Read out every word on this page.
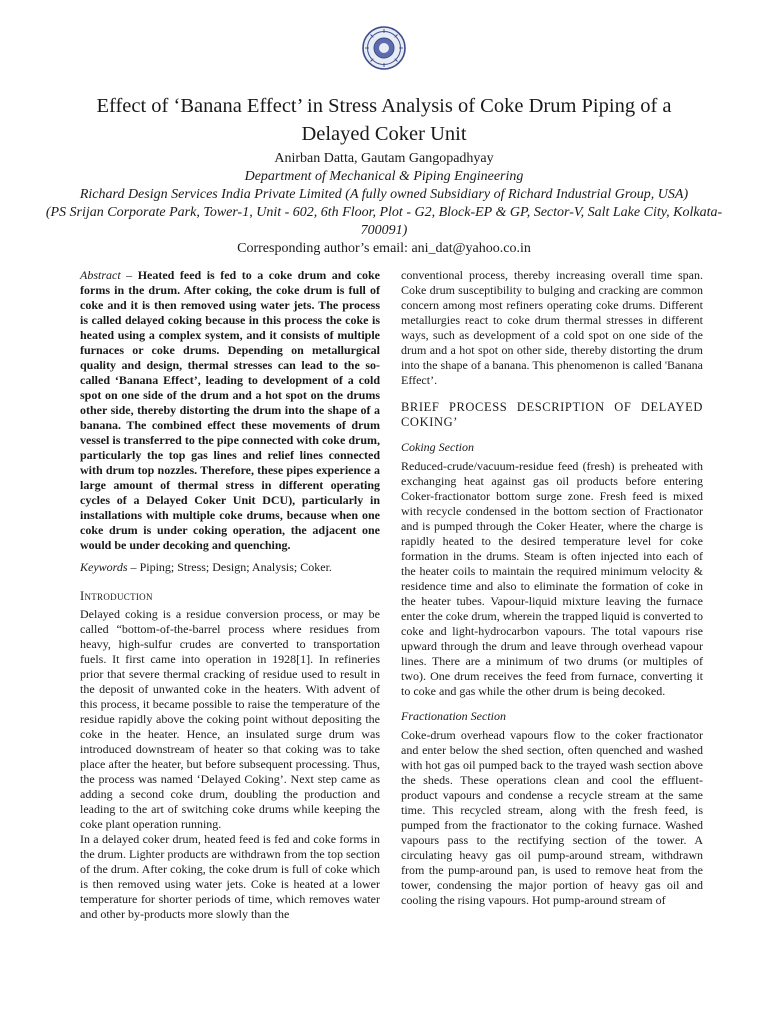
Effect of ‘Banana Effect’ in Stress Analysis of Coke Drum Piping of a Delayed Coker Unit
Anirban Datta, Gautam Gangopadhyay
Department of Mechanical & Piping Engineering
Richard Design Services India Private Limited (A fully owned Subsidiary of Richard Industrial Group, USA)
(PS Srijan Corporate Park, Tower-1, Unit - 602, 6th Floor, Plot - G2, Block-EP & GP, Sector-V, Salt Lake City, Kolkata-700091)
Corresponding author’s email: ani_dat@yahoo.co.in

Abstract – Heated feed is fed to a coke drum and coke forms in the drum. After coking, the coke drum is full of coke and it is then removed using water jets. The process is called delayed coking because in this process the coke is heated using a complex system, and it consists of multiple furnaces or coke drums. Depending on metallurgical quality and design, thermal stresses can lead to the so-called ‘Banana Effect’, leading to development of a cold spot on one side of the drum and a hot spot on the drums other side, thereby distorting the drum into the shape of a banana. The combined effect these movements of drum vessel is transferred to the pipe connected with coke drum, particularly the top gas lines and relief lines connected with drum top nozzles. Therefore, these pipes experience a large amount of thermal stress in different operating cycles of a Delayed Coker Unit DCU), particularly in installations with multiple coke drums, because when one coke drum is under coking operation, the adjacent one would be under decoking and quenching.

Keywords – Piping; Stress; Design; Analysis; Coker.

Introduction

Delayed coking is a residue conversion process, or may be called “bottom-of-the-barrel process where residues from heavy, high-sulfur crudes are converted to transportation fuels. It first came into operation in 1928[1]. In refineries prior that severe thermal cracking of residue used to result in the deposit of unwanted coke in the heaters. With advent of this process, it became possible to raise the temperature of the residue rapidly above the coking point without depositing the coke in the heater. Hence, an insulated surge drum was introduced downstream of heater so that coking was to take place after the heater, but before subsequent processing. Thus, the process was named ‘Delayed Coking’. Next step came as adding a second coke drum, doubling the production and leading to the art of switching coke drums while keeping the coke plant operation running.

In a delayed coker drum, heated feed is fed and coke forms in the drum. Lighter products are withdrawn from the top section of the drum. After coking, the coke drum is full of coke which is then removed using water jets. Coke is heated at a lower temperature for shorter periods of time, which removes water and other by-products more slowly than the

conventional process, thereby increasing overall time span. Coke drum susceptibility to bulging and cracking are common concern among most refiners operating coke drums. Different metallurgies react to coke drum thermal stresses in different ways, such as development of a cold spot on one side of the drum and a hot spot on other side, thereby distorting the drum into the shape of a banana. This phenomenon is called 'Banana Effect’.

BRIEF PROCESS DESCRIPTION OF DELAYED COKING’
Coking Section

Reduced-crude/vacuum-residue feed (fresh) is preheated with exchanging heat against gas oil products before entering Coker-fractionator bottom surge zone. Fresh feed is mixed with recycle condensed in the bottom section of Fractionator and is pumped through the Coker Heater, where the charge is rapidly heated to the desired temperature level for coke formation in the drums. Steam is often injected into each of the heater coils to maintain the required minimum velocity & residence time and also to eliminate the formation of coke in the heater tubes. Vapour-liquid mixture leaving the furnace enter the coke drum, wherein the trapped liquid is converted to coke and light-hydrocarbon vapours. The total vapours rise upward through the drum and leave through overhead vapour lines. There are a minimum of two drums (or multiples of two). One drum receives the feed from furnace, converting it to coke and gas while the other drum is being decoked.

Fractionation Section

Coke-drum overhead vapours flow to the coker fractionator and enter below the shed section, often quenched and washed with hot gas oil pumped back to the trayed wash section above the sheds. These operations clean and cool the effluent-product vapours and condense a recycle stream at the same time. This recycled stream, along with the fresh feed, is pumped from the fractionator to the coking furnace. Washed vapours pass to the rectifying section of the tower. A circulating heavy gas oil pump-around stream, withdrawn from the pump-around pan, is used to remove heat from the tower, condensing the major portion of heavy gas oil and cooling the rising vapours. Hot pump-around stream of
